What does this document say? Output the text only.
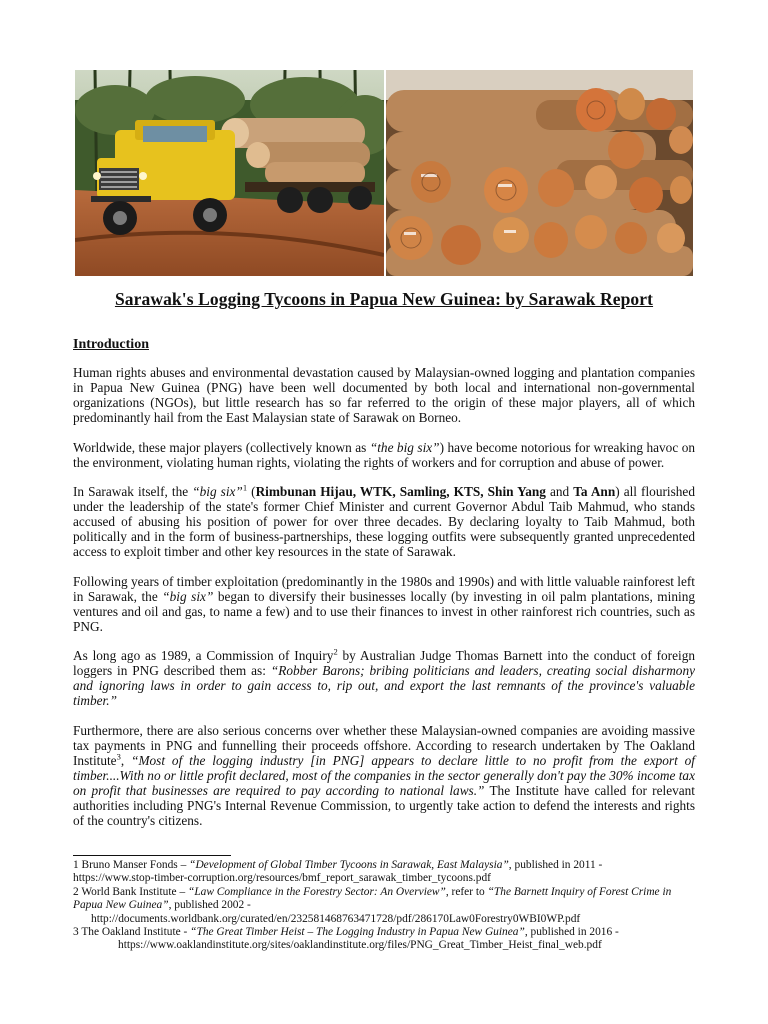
Sarawak's Logging Tycoons in Papua New Guinea: by Sarawak Report
Introduction

Human rights abuses and environmental devastation caused by Malaysian-owned logging and plantation companies in Papua New Guinea (PNG) have been well documented by both local and international non-governmental organizations (NGOs), but little research has so far referred to the origin of these major players, all of which predominantly hail from the East Malaysian state of Sarawak on Borneo.

Worldwide, these major players (collectively known as “the big six”) have become notorious for wreaking havoc on the environment, violating human rights, violating the rights of workers and for corruption and abuse of power.

In Sarawak itself, the “big six”$^1$ (Rimbunan Hijau, WTK, Samling, KTS, Shin Yang and Ta Ann) all flourished under the leadership of the state's former Chief Minister and current Governor Abdul Taib Mahmud, who stands accused of abusing his position of power for over three decades. By declaring loyalty to Taib Mahmud, both politically and in the form of business-partnerships, these logging outfits were subsequently granted unprecedented access to exploit timber and other key resources in the state of Sarawak.

Following years of timber exploitation (predominantly in the 1980s and 1990s) and with little valuable rainforest left in Sarawak, the “big six” began to diversify their businesses locally (by investing in oil palm plantations, mining ventures and oil and gas, to name a few) and to use their finances to invest in other rainforest rich countries, such as PNG.

As long ago as 1989, a Commission of Inquiry$^2$ by Australian Judge Thomas Barnett into the conduct of foreign loggers in PNG described them as: “Robber Barons; bribing politicians and leaders, creating social disharmony and ignoring laws in order to gain access to, rip out, and export the last remnants of the province's valuable timber.”

Furthermore, there are also serious concerns over whether these Malaysian-owned companies are avoiding massive tax payments in PNG and funnelling their proceeds offshore. According to research undertaken by The Oakland Institute$^3$, “Most of the logging industry [in PNG] appears to declare little to no profit from the export of timber....With no or little profit declared, most of the companies in the sector generally don't pay the 30% income tax on profit that businesses are required to pay according to national laws.” The Institute have called for relevant authorities including PNG's Internal Revenue Commission, to urgently take action to defend the interests and rights of the country's citizens.

1 Bruno Manser Fonds – “Development of Global Timber Tycoons in Sarawak, East Malaysia”, published in 2011 -
https://www.stop-timber-corruption.org/resources/bmf_report_sarawak_timber_tycoons.pdf

2 World Bank Institute – “Law Compliance in the Forestry Sector: An Overview”, refer to “The Barnett Inquiry of Forest Crime in Papua New Guinea”, published 2002 -
http://documents.worldbank.org/curated/en/232581468763471728/pdf/286170Law0Forestry0WBI0WP.pdf

3 The Oakland Institute - “The Great Timber Heist – The Logging Industry in Papua New Guinea”, published in 2016 -
https://www.oaklandinstitute.org/sites/oaklandinstitute.org/files/PNG_Great_Timber_Heist_final_web.pdf
